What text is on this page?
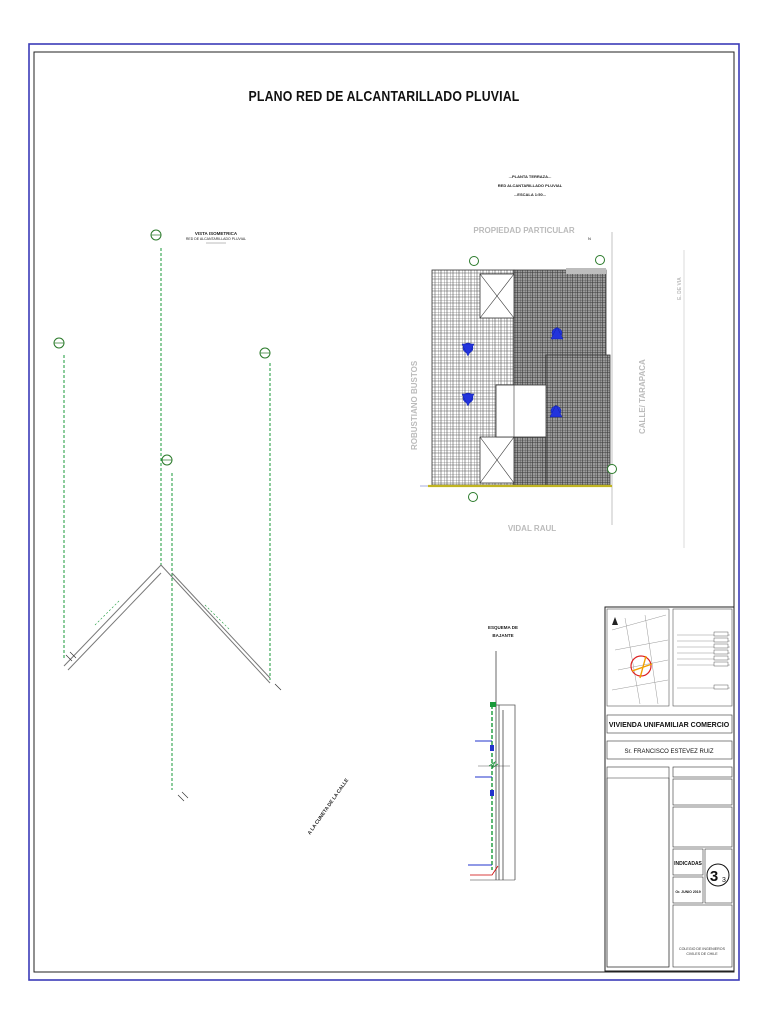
VISTA ISOMETRICA
RED DE ALCANTARILLADO PLUVIAL
A LA CUNETA DE LA CALLE
...PLANTA TERRAZA...
RED ALCANTARILLADO PLUVIAL
...ESCALA 1:50...
PROPIEDAD PARTICULAR
VIDAL RAUL
ROBUSTIANO BUSTOS	CALLE/ TARAPACA
E. DE VIA
N
ESQUEMA DE
BAJANTE
VIVIENDA UNIFAMILIAR COMERCIO
Sr. FRANCISCO ESTEVEZ RUIZ
INDICADAS
Or. JUNIO 2019
3 3
COLEGIO DE INGENIEROS
CIVILES DE CHILE
PLANO RED DE ALCANTARILLADO PLUVIAL
